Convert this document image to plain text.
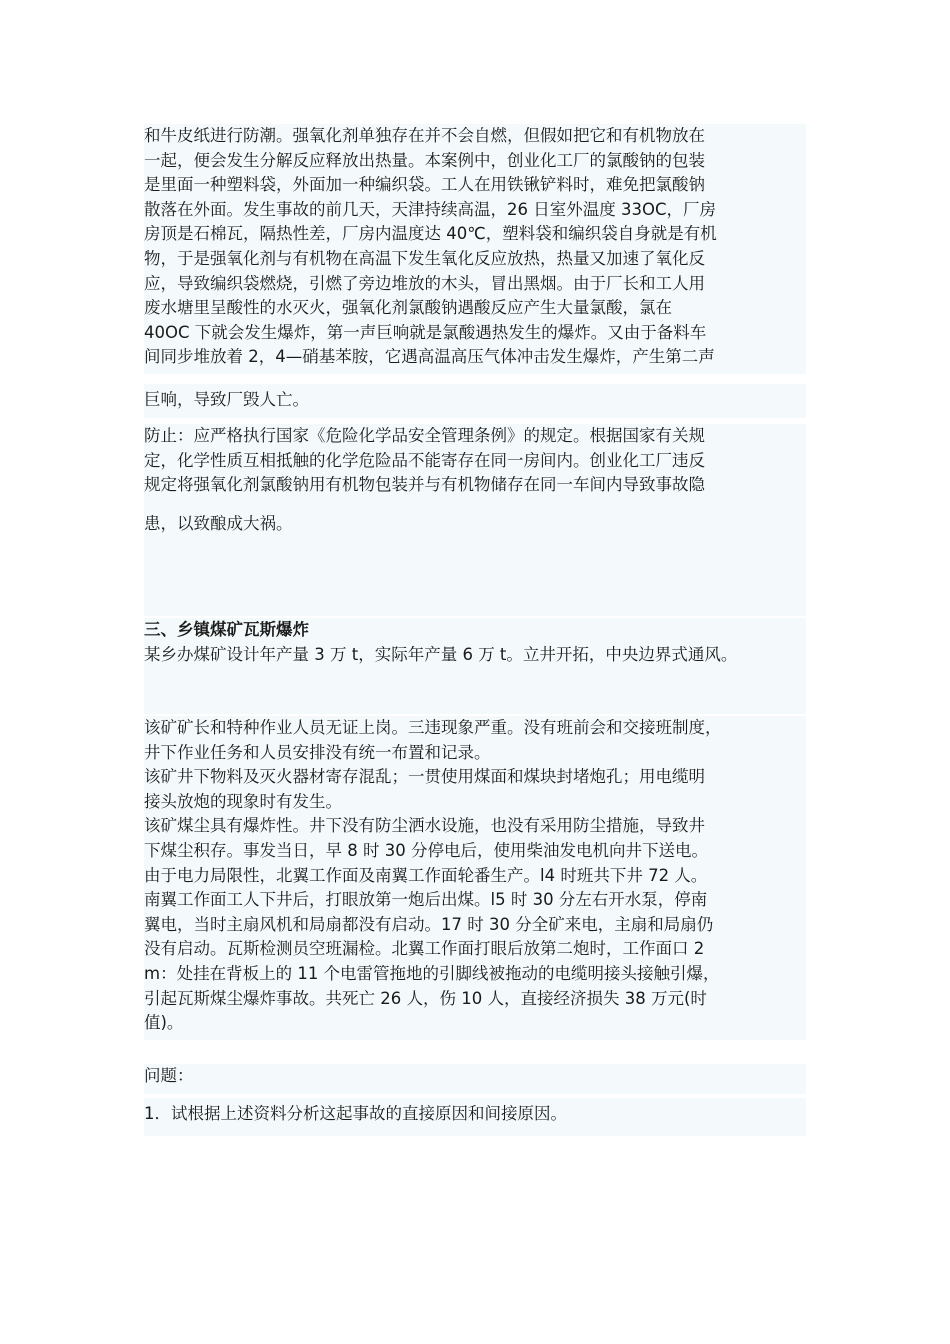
和牛皮纸进行防潮。强氧化剂单独存在并不会自燃，但假如把它和有机物放在
一起，便会发生分解反应释放出热量。本案例中，创业化工厂的氯酸钠的包装
是里面一种塑料袋，外面加一种编织袋。工人在用铁锹铲料时，难免把氯酸钠
散落在外面。发生事故的前几天，天津持续高温，26 日室外温度 33OC，厂房
房顶是石棉瓦，隔热性差，厂房内温度达 40℃，塑料袋和编织袋自身就是有机
物，于是强氧化剂与有机物在高温下发生氧化反应放热，热量又加速了氧化反
应，导致编织袋燃烧，引燃了旁边堆放的木头，冒出黑烟。由于厂长和工人用
废水塘里呈酸性的水灭火，强氧化剂氯酸钠遇酸反应产生大量氯酸，氯在
40OC 下就会发生爆炸，第一声巨响就是氯酸遇热发生的爆炸。又由于备料车
间同步堆放着 2，4—硝基苯胺，它遇高温高压气体冲击发生爆炸，产生第二声
巨响，导致厂毁人亡。
防止：应严格执行国家《危险化学品安全管理条例》的规定。根据国家有关规
定，化学性质互相抵触的化学危险品不能寄存在同一房间内。创业化工厂违反
规定将强氧化剂氯酸钠用有机物包装并与有机物储存在同一车间内导致事故隐
患，以致酿成大祸。
三、乡镇煤矿瓦斯爆炸
某乡办煤矿设计年产量 3 万 t，实际年产量 6 万 t。立井开拓，中央边界式通风。
该矿矿长和特种作业人员无证上岗。三违现象严重。没有班前会和交接班制度，
井下作业任务和人员安排没有统一布置和记录。
该矿井下物料及灭火器材寄存混乱；一贯使用煤面和煤块封堵炮孔；用电缆明
接头放炮的现象时有发生。
该矿煤尘具有爆炸性。井下没有防尘洒水设施，也没有采用防尘措施，导致井
下煤尘积存。事发当日，早 8 时 30 分停电后，使用柴油发电机向井下送电。
由于电力局限性，北翼工作面及南翼工作面轮番生产。l4 时班共下井 72 人。
南翼工作面工人下井后，打眼放第一炮后出煤。l5 时 30 分左右开水泵，停南
翼电，当时主扇风机和局扇都没有启动。17 时 30 分全矿来电，主扇和局扇仍
没有启动。瓦斯检测员空班漏检。北翼工作面打眼后放第二炮时，工作面口 2
m：处挂在背板上的 11 个电雷管拖地的引脚线被拖动的电缆明接头接触引爆，
引起瓦斯煤尘爆炸事故。共死亡 26 人，伤 10 人，直接经济损失 38 万元(时
值)。
问题：
1．试根据上述资料分析这起事故的直接原因和间接原因。
